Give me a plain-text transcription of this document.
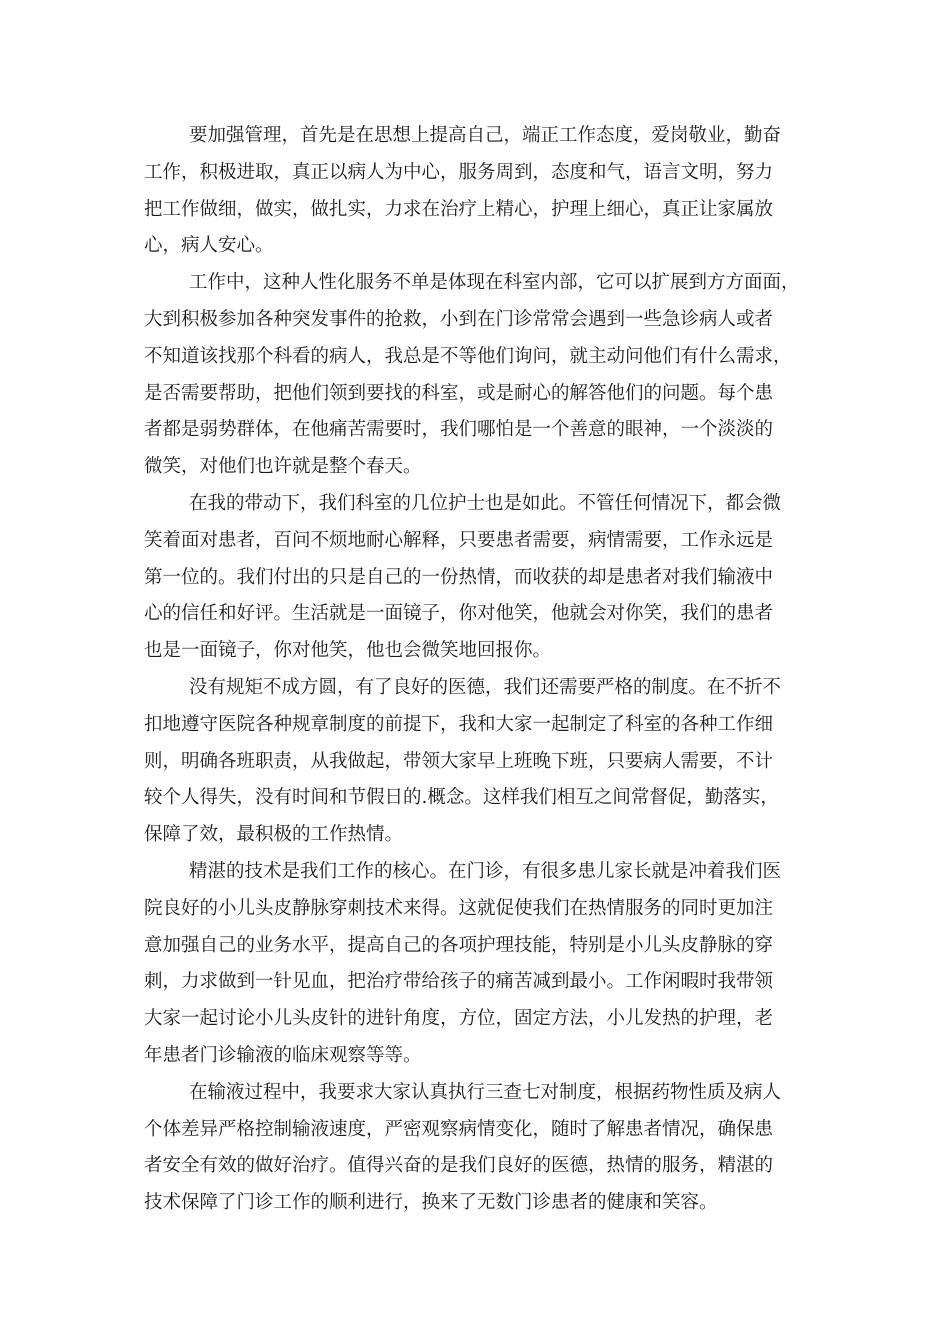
要加强管理，首先是在思想上提高自己，端正工作态度，爱岗敬业，勤奋
工作，积极进取，真正以病人为中心，服务周到，态度和气，语言文明，努力
把工作做细，做实，做扎实，力求在治疗上精心，护理上细心，真正让家属放
心，病人安心。
工作中，这种人性化服务不单是体现在科室内部，它可以扩展到方方面面，
大到积极参加各种突发事件的抢救，小到在门诊常常会遇到一些急诊病人或者
不知道该找那个科看的病人，我总是不等他们询问，就主动问他们有什么需求，
是否需要帮助，把他们领到要找的科室，或是耐心的解答他们的问题。每个患
者都是弱势群体，在他痛苦需要时，我们哪怕是一个善意的眼神，一个淡淡的
微笑，对他们也许就是整个春天。
在我的带动下，我们科室的几位护士也是如此。不管任何情况下，都会微
笑着面对患者，百问不烦地耐心解释，只要患者需要，病情需要，工作永远是
第一位的。我们付出的只是自己的一份热情，而收获的却是患者对我们输液中
心的信任和好评。生活就是一面镜子，你对他笑，他就会对你笑，我们的患者
也是一面镜子，你对他笑，他也会微笑地回报你。
没有规矩不成方圆，有了良好的医德，我们还需要严格的制度。在不折不
扣地遵守医院各种规章制度的前提下，我和大家一起制定了科室的各种工作细
则，明确各班职责，从我做起，带领大家早上班晚下班，只要病人需要，不计
较个人得失，没有时间和节假日的.概念。这样我们相互之间常督促，勤落实，
保障了效，最积极的工作热情。
精湛的技术是我们工作的核心。在门诊，有很多患儿家长就是冲着我们医
院良好的小儿头皮静脉穿刺技术来得。这就促使我们在热情服务的同时更加注
意加强自己的业务水平，提高自己的各项护理技能，特别是小儿头皮静脉的穿
刺，力求做到一针见血，把治疗带给孩子的痛苦减到最小。工作闲暇时我带领
大家一起讨论小儿头皮针的进针角度，方位，固定方法，小儿发热的护理，老
年患者门诊输液的临床观察等等。
在输液过程中，我要求大家认真执行三查七对制度，根据药物性质及病人
个体差异严格控制输液速度，严密观察病情变化，随时了解患者情况，确保患
者安全有效的做好治疗。值得兴奋的是我们良好的医德，热情的服务，精湛的
技术保障了门诊工作的顺利进行，换来了无数门诊患者的健康和笑容。
